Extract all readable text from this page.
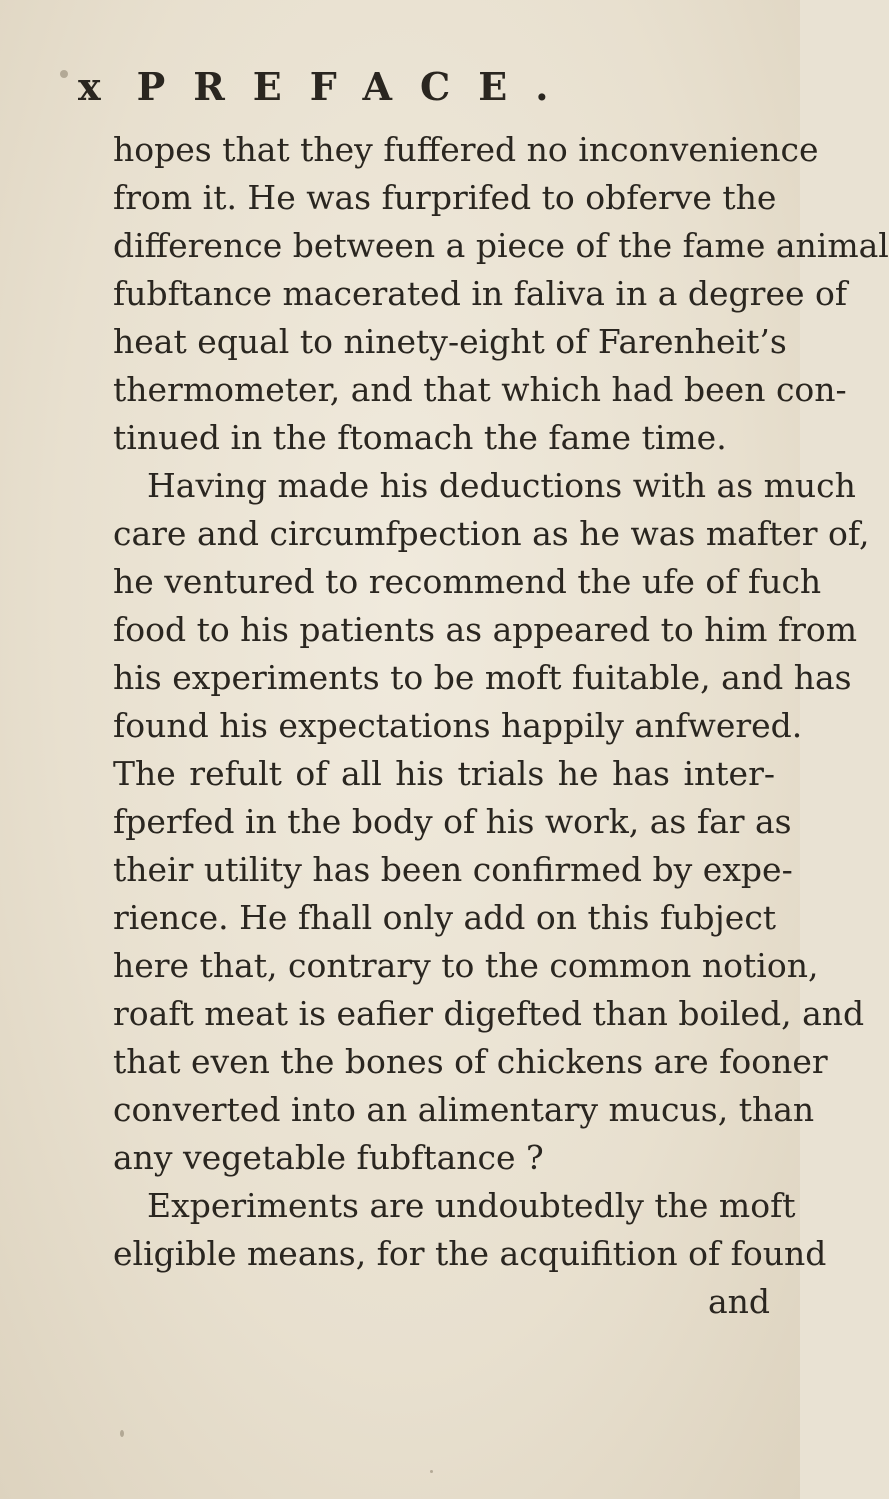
x PREFACE.
hopes that they fuffered no inconvenience
from it. He was furprifed to obferve the
difference between a piece of the fame animal
fubftance macerated in faliva in a degree of
heat equal to ninety-eight of Farenheit’s
thermometer, and that which had been con-
tinued in the ftomach the fame time.
Having made his deductions with as much
care and circumfpection as he was mafter of,
he ventured to recommend the ufe of fuch
food to his patients as appeared to him from
his experiments to be moft fuitable, and has
found his expectations happily anfwered.
The refult of all his trials he has inter-
fperfed in the body of his work, as far as
their utility has been confirmed by expe-
rience. He fhall only add on this fubject
here that, contrary to the common notion,
roaft meat is eafier digefted than boiled, and
that even the bones of chickens are fooner
converted into an alimentary mucus, than
any vegetable fubftance ?
Experiments are undoubtedly the moft
eligible means, for the acquifition of found
and
